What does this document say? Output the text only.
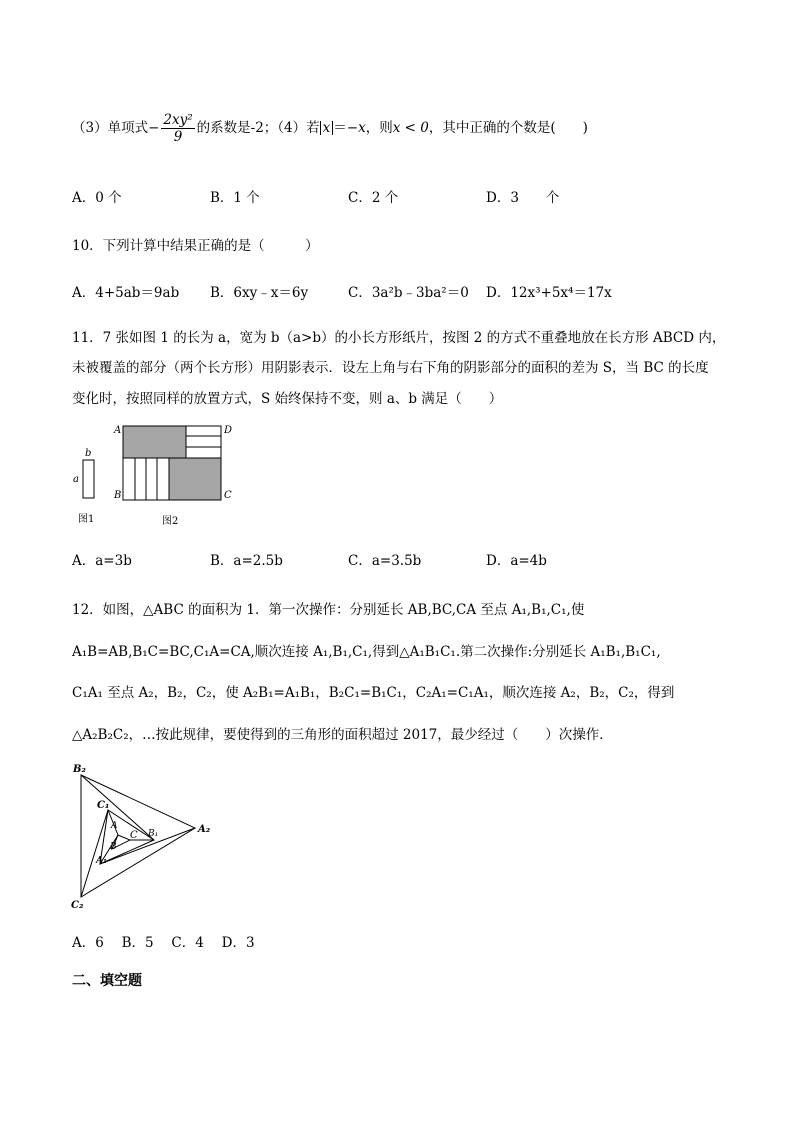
（3）单项式− $\frac{\text{2xy²}}{9}$ 的系数是-2；（4）若 x ＝−x，则x < 0，其中正确的个数是(　　)
A．0 个	B．1 个	C．2 个	D．3　　个
10．下列计算中结果正确的是（　　　）
A．4+5ab＝9ab B．6xy﹣x＝6y	C．3a²b﹣3ba²＝0 D．12x³+5x⁴＝17x
11．7 张如图 1 的长为 a，宽为 b（a>b）的小长方形纸片，按图 2 的方式不重叠地放在长方形 ABCD 内，
未被覆盖的部分（两个长方形）用阴影表示．设左上角与右下角的阴影部分的面积的差为 S，当 BC 的长度
变化时，按照同样的放置方式，S 始终保持不变，则 a、b 满足（　　）
b
a
图1
A	D
B	C
图2
A．a=3b	B．a=2.5b	C．a=3.5b	D．a=4b
12．如图，△ABC 的面积为 1．第一次操作：分别延长 AB,BC,CA 至点 A₁,B₁,C₁,使
A₁B=AB,B₁C=BC,C₁A=CA,顺次连接 A₁,B₁,C₁,得到△A₁B₁C₁.第二次操作:分别延长 A₁B₁,B₁C₁,
C₁A₁ 至点 A₂，B₂，C₂，使 A₂B₁=A₁B₁，B₂C₁=B₁C₁，C₂A₁=C₁A₁，顺次连接 A₂，B₂，C₂，得到
△A₂B₂C₂，…按此规律，要使得到的三角形的面积超过 2017，最少经过（　　）次操作．
B₂
C₁
A
B₁
C
B
A₁
A₂
C₂
A．6　 B．5　 C．4　 D．3
二、填空题
